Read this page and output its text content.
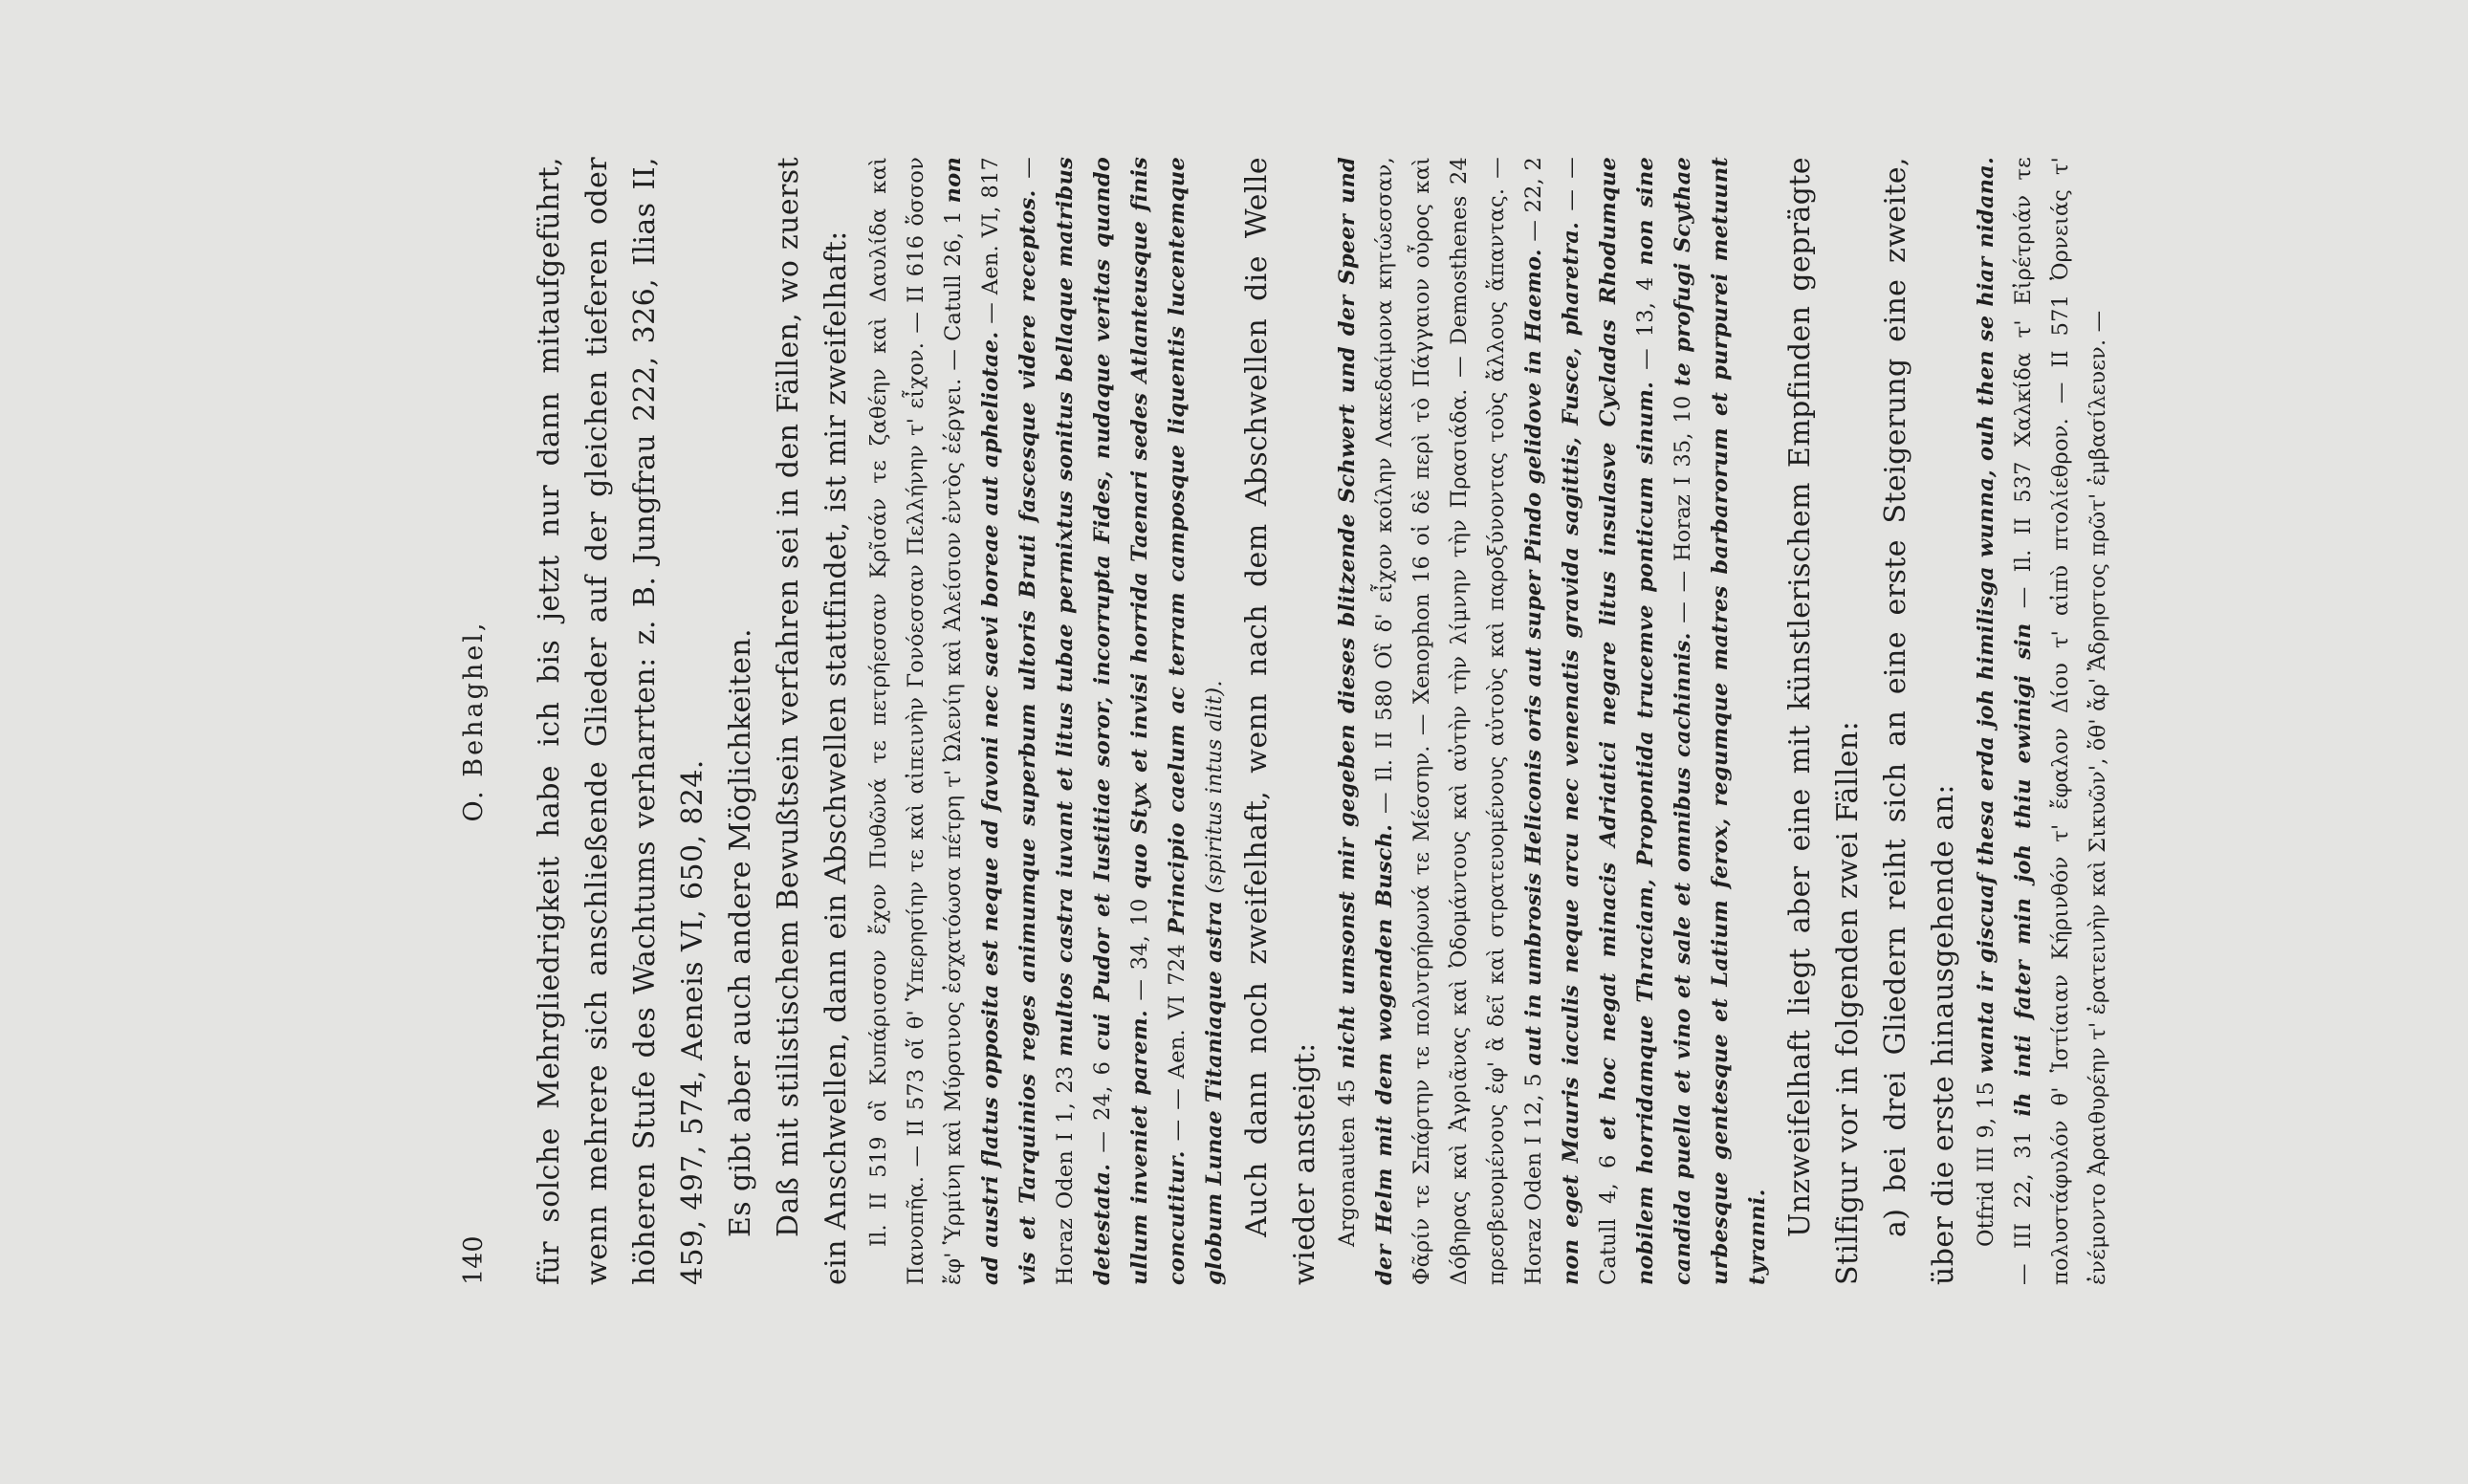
140
O. Behaghel, für solche Mehrgliedrigkeit habe ich bis jetzt nur dann mitaufgeführt, wenn mehrere sich anschließende Glieder auf der gleichen tieferen oder höheren Stufe des Wachtums verharrten: z. B. Jungfrau 222, 326, Ilias II, 459, 497, 574, Aeneis VI, 650, 824. Es gibt aber auch andere Möglichkeiten. Daß mit stilistischem Bewußtsein verfahren sei in den Fällen, wo zuerst ein Anschwellen, dann ein Abschwellen stattfindet, ist mir zweifelhaft: Il. II 519 οἳ Κυπάρισσον ἔχον Πυθῶνά τε πετρήεσσαν Κρῖσάν τε ζαθέην καὶ Δαυλίδα καὶ Πανοπῆα. — II 573 οἵ θ' Ὑπερησίην τε καὶ αἰπεινὴν Γονόεσσαν Πελλήνην τ' εἶχον. — II 616 ὅσσον ἔφ' Ὑρμίνη καὶ Μύρσινος ἐσχατόωσα πέτρη τ' Ὠλενίη καὶ Ἀλείσιον ἐντὸς ἐέργει. — Catull 26, 1 non ad austri flatus opposita est neque ad favoni nec saevi boreae aut apheliotae. — Aen. VI, 817 vis et Tarquinios reges animumque superbum ultoris Bruti fascesque videre receptos. — Horaz Oden I 1, 23 multos castra iuvant et litus tubae permixtus sonitus bellaque matribus detestata. — 24, 6 cui Pudor et Iustitiae soror, incorrupta Fides, nudaque veritas quando ullum inveniet parem. — 34, 10 quo Styx et invisi horrida Taenari sedes Atlanteusque finis concutitur. — — Aen. VI 724 Principio caelum ac terram camposque liquentis lucentemque globum Lunae Titaniaque astra (spiritus intus alit). Auch dann noch zweifelhaft, wenn nach dem Abschwellen die Welle wieder ansteigt: Argonauten 45 nicht umsonst mir gegeben dieses blitzende Schwert und der Speer und der Helm mit dem wogenden Busch. — Il. II 580 Οἳ δ' εἶχον κοίλην Λακεδαίμονα κητώεσσαν, Φᾶρίν τε Σπάρτην τε πολυτρήρωνά τε Μέσσην. — Xenophon 16 οἱ δὲ περὶ τὸ Πάγγαιον οὖρος καὶ Δόβηρας καὶ Ἀγριᾶνας καὶ Ὀδομάντους καὶ αὐτὴν τὴν λίμνην τὴν Πρασιάδα. — Demosthenes 24 πρεσβευομένους ἐφ' ἃ δεῖ καὶ στρατευομένους αὐτοὺς καὶ παροξύνοντας τοὺς ἄλλους ἅπαντας. — Horaz Oden I 12, 5 aut in umbrosis Heliconis oris aut super Pindo gelidove in Haemo. — 22, 2 non eget Mauris iaculis neque arcu nec venenatis gravida sagittis, Fusce, pharetra. — — Catull 4, 6 et hoc negat minacis Adriatici negare litus insulasve Cycladas Rhodumque nobilem horridamque Thraciam, Propontida trucemve ponticum sinum. — 13, 4 non sine candida puella et vino et sale et omnibus cachinnis. — — Horaz I 35, 10 te profugi Scythae urbesque gentesque et Latium ferox, regumque matres barbarorum et purpurei metuunt tyranni. Unzweifelhaft liegt aber eine mit künstlerischem Empfinden geprägte Stilfigur vor in folgenden zwei Fällen: a) bei drei Gliedern reiht sich an eine erste Steigerung eine zweite, über die erste hinausgehende an: Otfrid III 9, 15 wanta ir giscuaf thesa erda joh himilisga wunna, ouh then se hiar nidana. — III 22, 31 ih inti fater min joh thiu ewinigi sin — Il. II 537 Χαλκίδα τ' Εἰρέτριάν τε πολυστάφυλόν θ' Ἱστίαιαν Κήρινθόν τ' ἔφαλον Δίου τ' αἰπὺ πτολίεθρον. — II 571 Ὀρνειάς τ' ἐνέμοντο Ἀραιθυρέην τ' ἐρατεινὴν καὶ Σικυῶν', ὅθ' ἄρ' Ἄδρηστος πρῶτ' ἐμβασίλευεν. —
